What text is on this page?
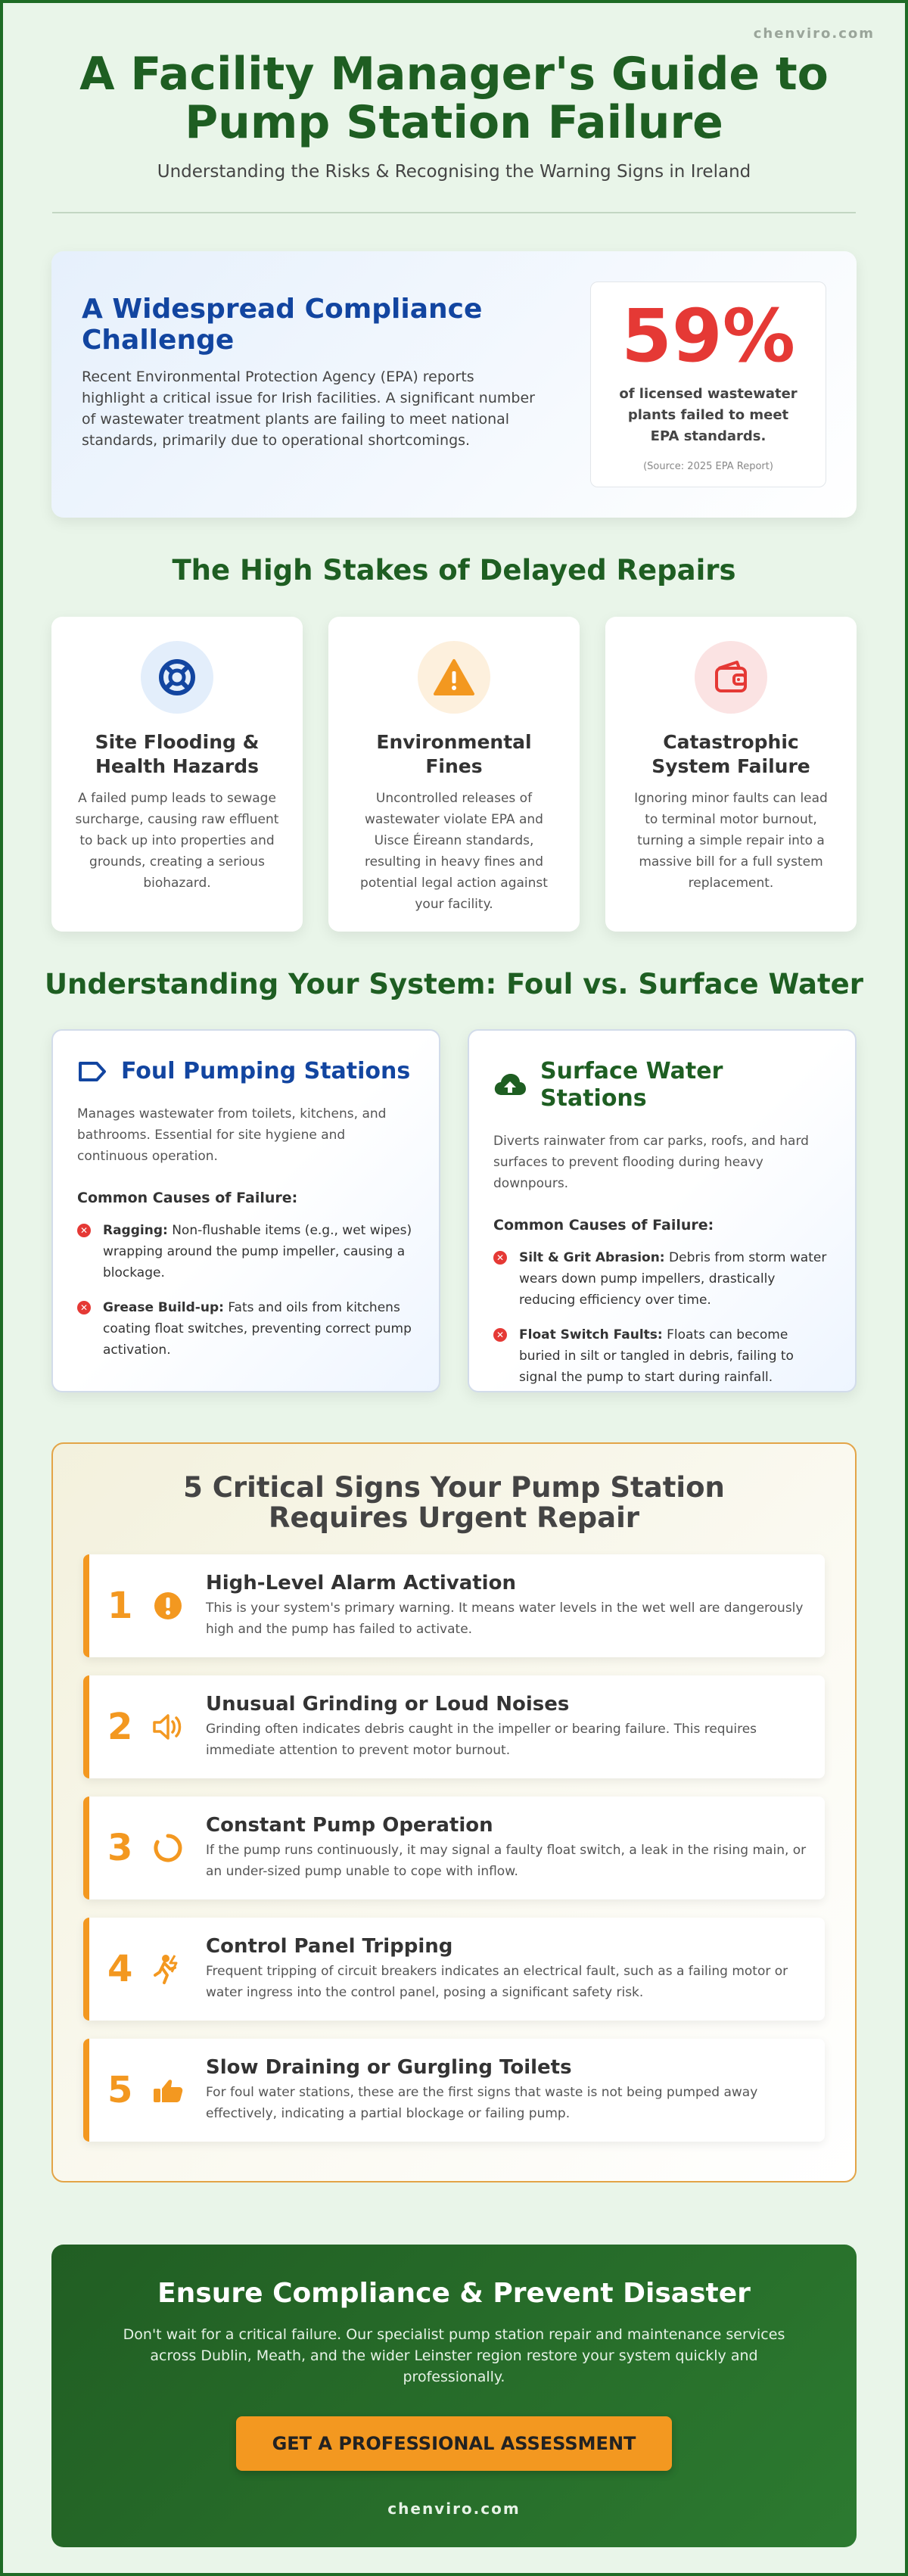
chenviro.com
A Facility Manager's Guide to Pump Station Failure
Understanding the Risks & Recognising the Warning Signs in Ireland
A Widespread Compliance Challenge

Recent Environmental Protection Agency (EPA) reports highlight a critical issue for Irish facilities. A significant number of wastewater treatment plants are failing to meet national standards, primarily due to operational shortcomings.

59%
of licensed wastewater plants failed to meet EPA standards.
(Source: 2025 EPA Report)
The High Stakes of Delayed Repairs
Site Flooding & Health Hazards
A failed pump leads to sewage surcharge, causing raw effluent to back up into properties and grounds, creating a serious biohazard.
Environmental Fines
Uncontrolled releases of wastewater violate EPA and Uisce Éireann standards, resulting in heavy fines and potential legal action against your facility.
Catastrophic System Failure
Ignoring minor faults can lead to terminal motor burnout, turning a simple repair into a massive bill for a full system replacement.
Understanding Your System: Foul vs. Surface Water
Foul Pumping Stations

Manages wastewater from toilets, kitchens, and bathrooms. Essential for site hygiene and continuous operation.

Common Causes of Failure:
✕ Ragging: Non-flushable items (e.g., wet wipes) wrapping around the pump impeller, causing a blockage.
✕ Grease Build-up: Fats and oils from kitchens coating float switches, preventing correct pump activation.
Surface Water Stations

Diverts rainwater from car parks, roofs, and hard surfaces to prevent flooding during heavy downpours.

Common Causes of Failure:
✕ Silt & Grit Abrasion: Debris from storm water wears down pump impellers, drastically reducing efficiency over time.
✕ Float Switch Faults: Floats can become buried in silt or tangled in debris, failing to signal the pump to start during rainfall.
5 Critical Signs Your Pump Station Requires Urgent Repair
1
High-Level Alarm Activation
This is your system's primary warning. It means water levels in the wet well are dangerously high and the pump has failed to activate.
2
Unusual Grinding or Loud Noises
Grinding often indicates debris caught in the impeller or bearing failure. This requires immediate attention to prevent motor burnout.
3
Constant Pump Operation
If the pump runs continuously, it may signal a faulty float switch, a leak in the rising main, or an under-sized pump unable to cope with inflow.
4
Control Panel Tripping
Frequent tripping of circuit breakers indicates an electrical fault, such as a failing motor or water ingress into the control panel, posing a significant safety risk.
5
Slow Draining or Gurgling Toilets
For foul water stations, these are the first signs that waste is not being pumped away effectively, indicating a partial blockage or failing pump.
Ensure Compliance & Prevent Disaster

Don't wait for a critical failure. Our specialist pump station repair and maintenance services across Dublin, Meath, and the wider Leinster region restore your system quickly and professionally.

GET A PROFESSIONAL ASSESSMENT
chenviro.com
